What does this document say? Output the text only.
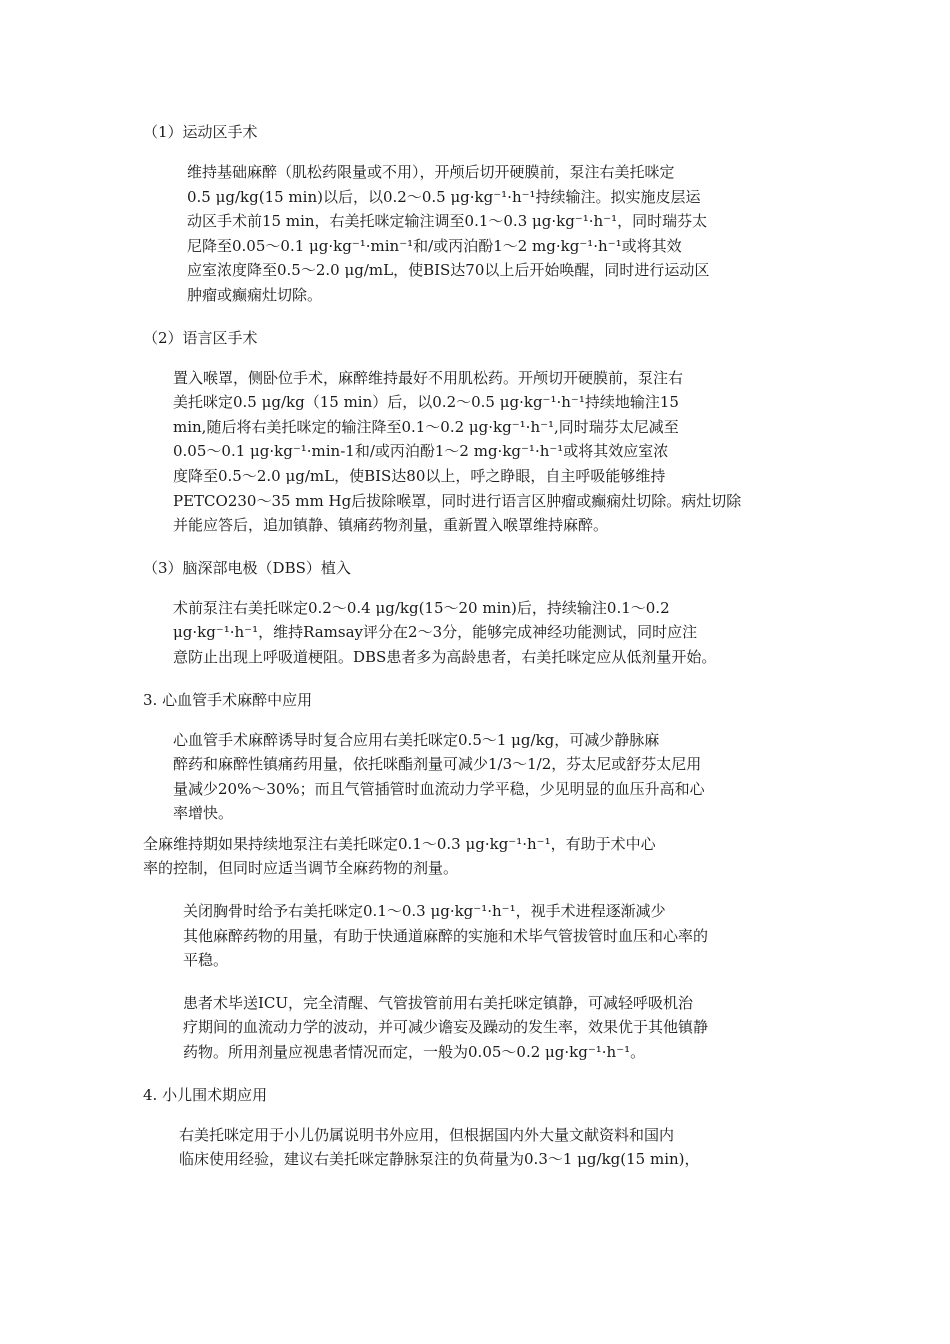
（1）运动区手术
维持基础麻醉（肌松药限量或不用），开颅后切开硬膜前，泵注右美托咪定
0.5 μg/kg(15 min)以后，以0.2～0.5 μg·kg⁻¹·h⁻¹持续输注。拟实施皮层运
动区手术前15 min，右美托咪定输注调至0.1～0.3 μg·kg⁻¹·h⁻¹，同时瑞芬太
尼降至0.05～0.1 μg·kg⁻¹·min⁻¹和/或丙泊酚1～2 mg·kg⁻¹·h⁻¹或将其效
应室浓度降至0.5～2.0 μg/mL，使BIS达70以上后开始唤醒，同时进行运动区
肿瘤或癫痫灶切除。
（2）语言区手术
置入喉罩，侧卧位手术，麻醉维持最好不用肌松药。开颅切开硬膜前，泵注右
美托咪定0.5 μg/kg（15 min）后，以0.2～0.5 μg·kg⁻¹·h⁻¹持续地输注15
min,随后将右美托咪定的输注降至0.1～0.2 μg·kg⁻¹·h⁻¹,同时瑞芬太尼减至
0.05～0.1 μg·kg⁻¹·min-1和/或丙泊酚1～2 mg·kg⁻¹·h⁻¹或将其效应室浓
度降至0.5～2.0 μg/mL，使BIS达80以上，呼之睁眼，自主呼吸能够维持
PETCO230～35 mm Hg后拔除喉罩，同时进行语言区肿瘤或癫痫灶切除。病灶切除
并能应答后，追加镇静、镇痛药物剂量，重新置入喉罩维持麻醉。
（3）脑深部电极（DBS）植入
术前泵注右美托咪定0.2～0.4 μg/kg(15～20 min)后，持续输注0.1～0.2
μg·kg⁻¹·h⁻¹，维持Ramsay评分在2～3分，能够完成神经功能测试，同时应注
意防止出现上呼吸道梗阻。DBS患者多为高龄患者，右美托咪定应从低剂量开始。
3. 心血管手术麻醉中应用
心血管手术麻醉诱导时复合应用右美托咪定0.5～1 μg/kg，可减少静脉麻
醉药和麻醉性镇痛药用量，依托咪酯剂量可减少1/3～1/2，芬太尼或舒芬太尼用
量减少20%～30%；而且气管插管时血流动力学平稳，少见明显的血压升高和心
率增快。
全麻维持期如果持续地泵注右美托咪定0.1～0.3 μg·kg⁻¹·h⁻¹，有助于术中心
率的控制，但同时应适当调节全麻药物的剂量。
关闭胸骨时给予右美托咪定0.1～0.3 μg·kg⁻¹·h⁻¹，视手术进程逐渐减少
其他麻醉药物的用量，有助于快通道麻醉的实施和术毕气管拔管时血压和心率的
平稳。
患者术毕送ICU，完全清醒、气管拔管前用右美托咪定镇静，可减轻呼吸机治
疗期间的血流动力学的波动，并可减少谵妄及躁动的发生率，效果优于其他镇静
药物。所用剂量应视患者情况而定，一般为0.05～0.2 μg·kg⁻¹·h⁻¹。
4. 小儿围术期应用
右美托咪定用于小儿仍属说明书外应用，但根据国内外大量文献资料和国内
临床使用经验，建议右美托咪定静脉泵注的负荷量为0.3～1 μg/kg(15 min)，
